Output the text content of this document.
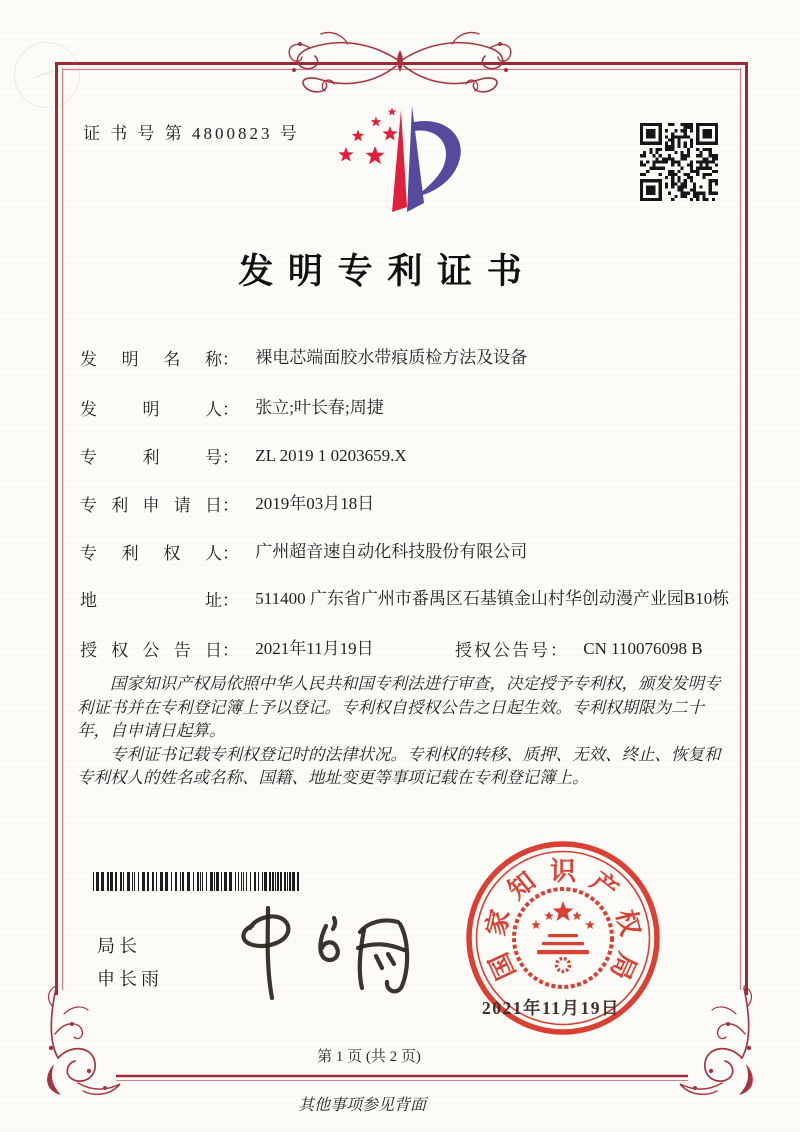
证 书 号 第 4800823 号
发明专利证书
发明名称 ： 裸电芯端面胶水带痕质检方法及设备
发明人 ： 张立;叶长春;周捷
专利号 ： ZL 2019 1 0203659.X
专利申请日 ： 2019年03月18日
专利权人 ： 广州超音速自动化科技股份有限公司
地址： 511400 广东省广州市番禺区石基镇金山村华创动漫产业园B10栋
授权公告日 ： 2021年11月19日	授权公告号 ： CN 110076098 B

国家知识产权局依照中华人民共和国专利法进行审查，决定授予专利权，颁发发明专利证书并在专利登记簿上予以登记。专利权自授权公告之日起生效。专利权期限为二十年，自申请日起算。

专利证书记载专利权登记时的法律状况。专利权的转移、质押、无效、终止、恢复和专利权人的姓名或名称、国籍、地址变更等事项记载在专利登记簿上。

局长
申长雨	国
家
知 识 产
权
局
2021年11月19日
第 1 页 (共 2 页)
其他事项参见背面
